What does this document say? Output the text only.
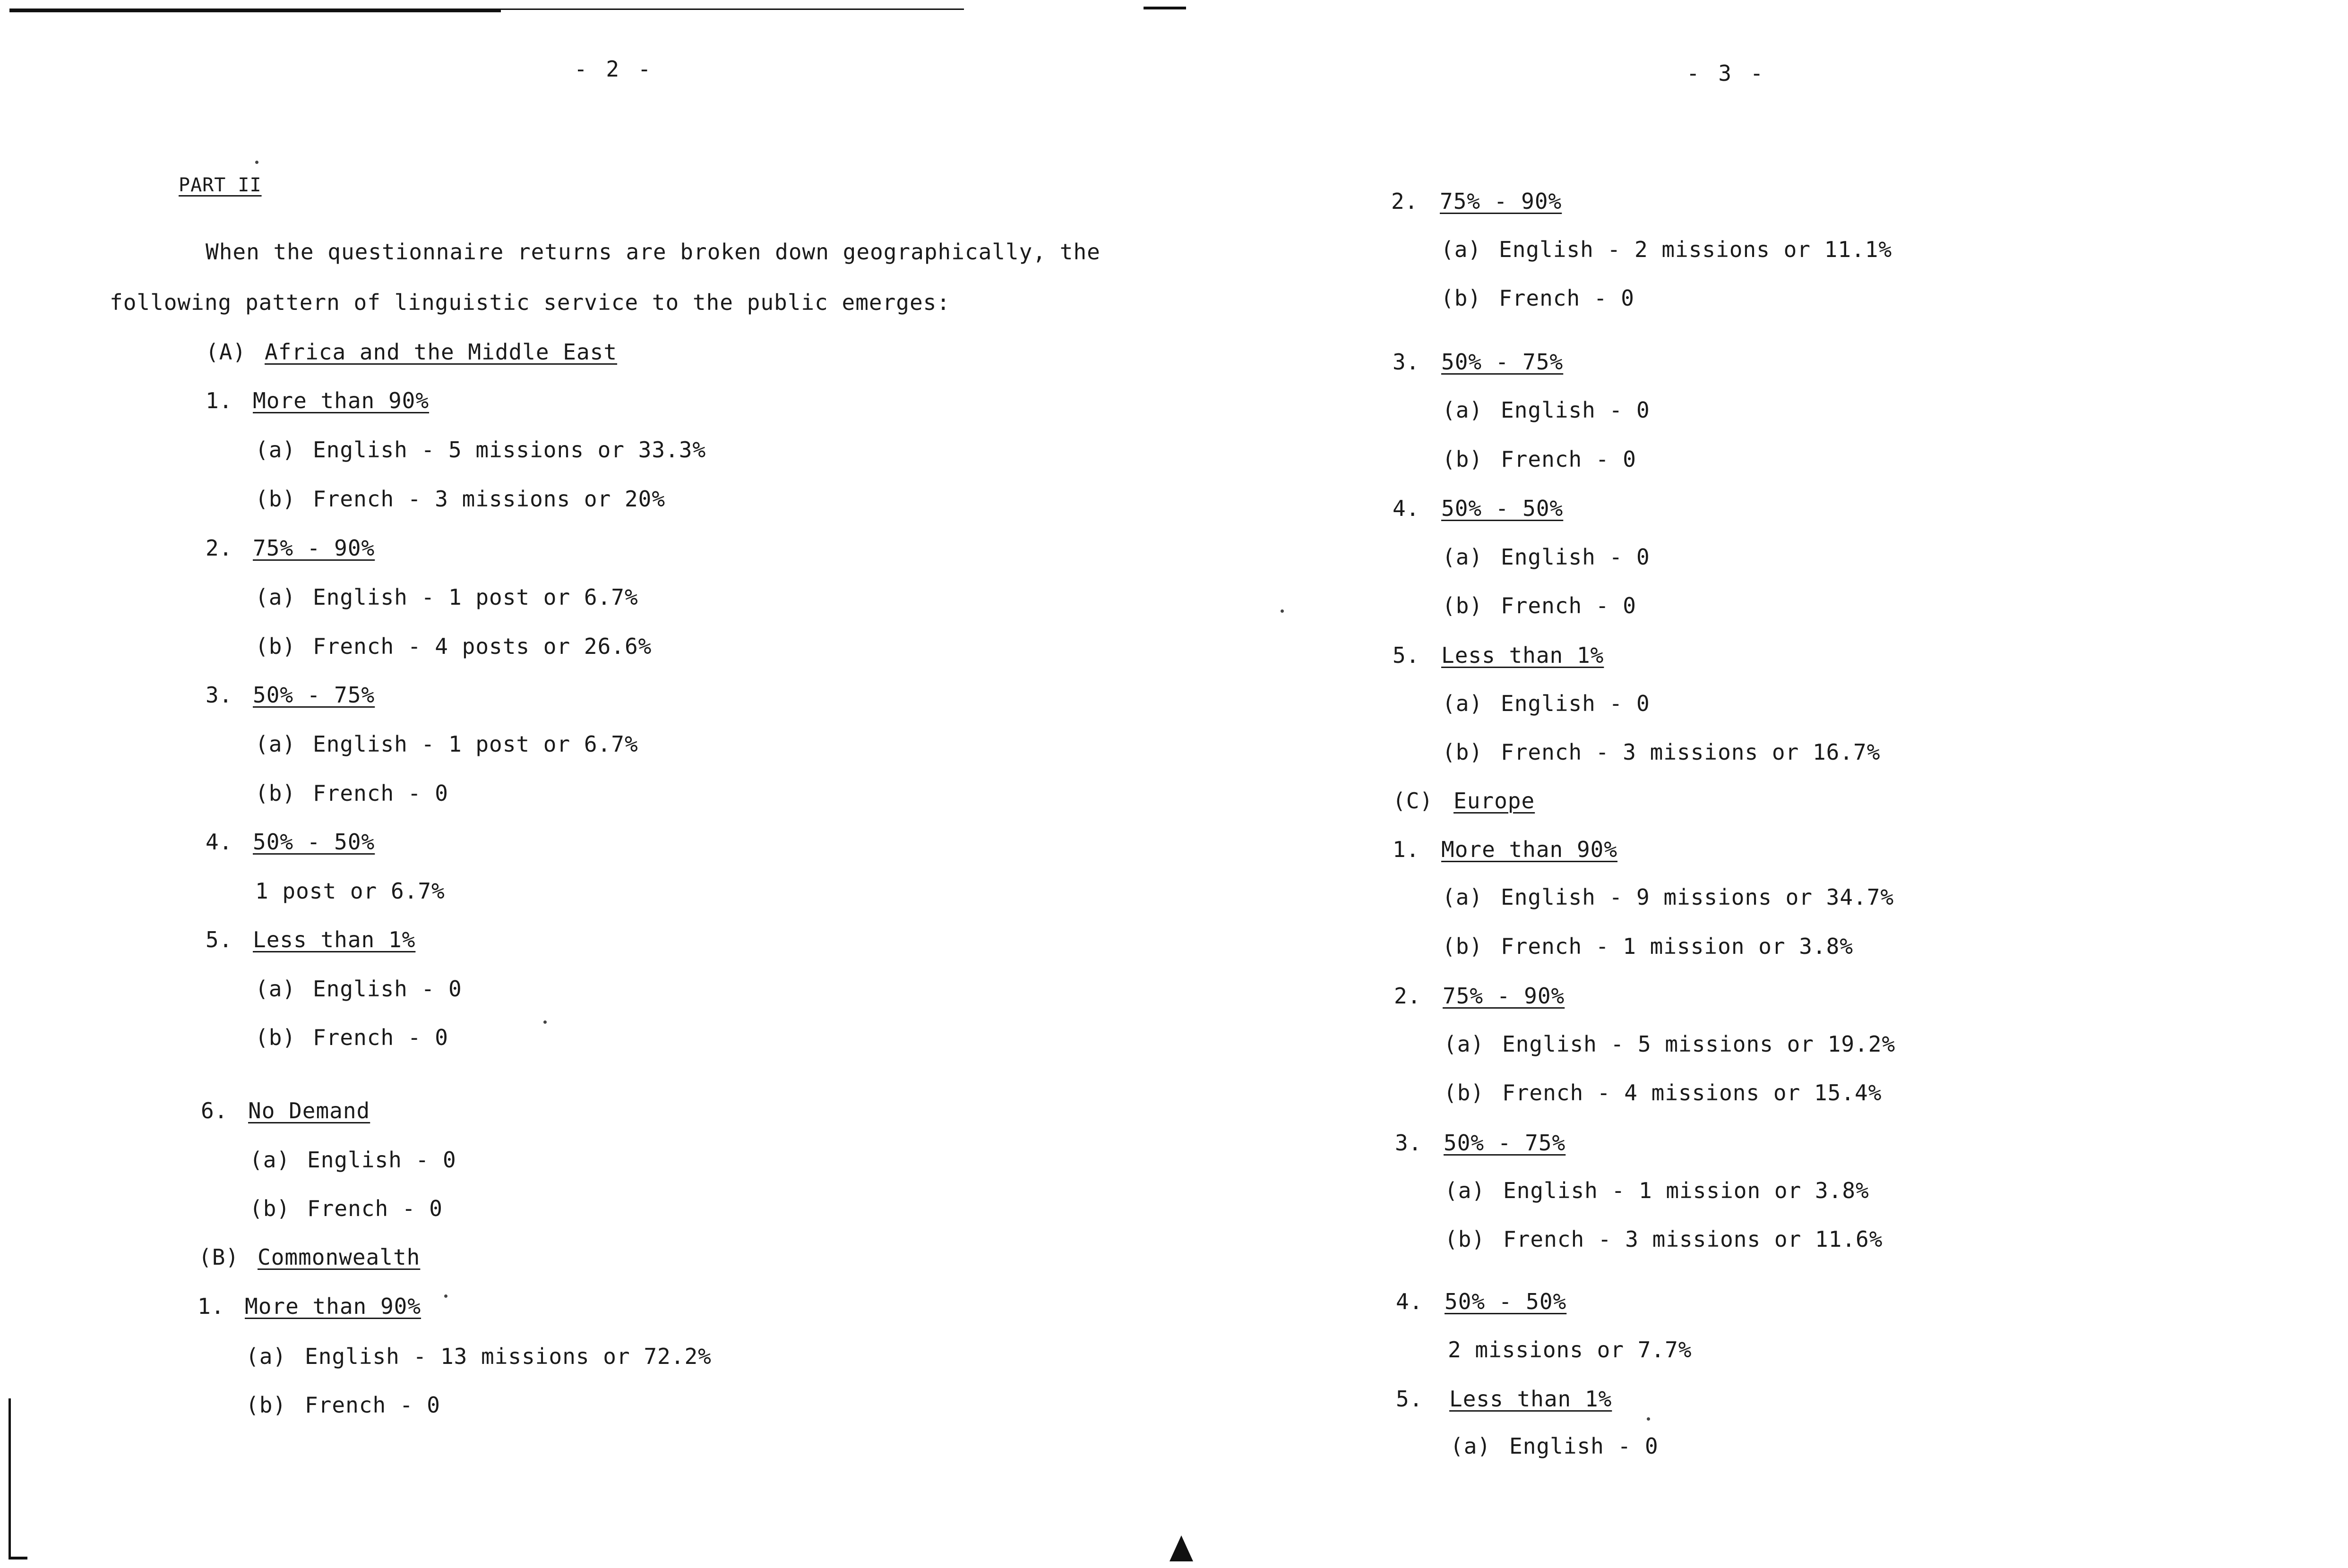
- 2 -
PART II
When the questionnaire returns are broken down geographically, the
following pattern of linguistic service to the public emerges:
(A) Africa and the Middle East
1. More than 90%
(a) English - 5 missions or 33.3%
(b) French - 3 missions or 20%
2. 75% - 90%
(a) English - 1 post or 6.7%
(b) French - 4 posts or 26.6%
3. 50% - 75%
(a) English - 1 post or 6.7%
(b) French - 0
4. 50% - 50%
1 post or 6.7%
5. Less than 1%
(a) English - 0
(b) French - 0
6. No Demand
(a) English - 0
(b) French - 0
(B) Commonwealth
1. More than 90%
(a) English - 13 missions or 72.2%
(b) French - 0
- 3 -
2. 75% - 90%
(a) English - 2 missions or 11.1%
(b) French - 0
3. 50% - 75%
(a) English - 0
(b) French - 0
4. 50% - 50%
(a) English - 0
(b) French - 0
5. Less than 1%
(a) English - 0
(b) French - 3 missions or 16.7%
(C) Europe
1. More than 90%
(a) English - 9 missions or 34.7%
(b) French - 1 mission or 3.8%
2. 75% - 90%
(a) English - 5 missions or 19.2%
(b) French - 4 missions or 15.4%
3. 50% - 75%
(a) English - 1 mission or 3.8%
(b) French - 3 missions or 11.6%
4. 50% - 50%
2 missions or 7.7%
5. Less than 1%
(a) English - 0
